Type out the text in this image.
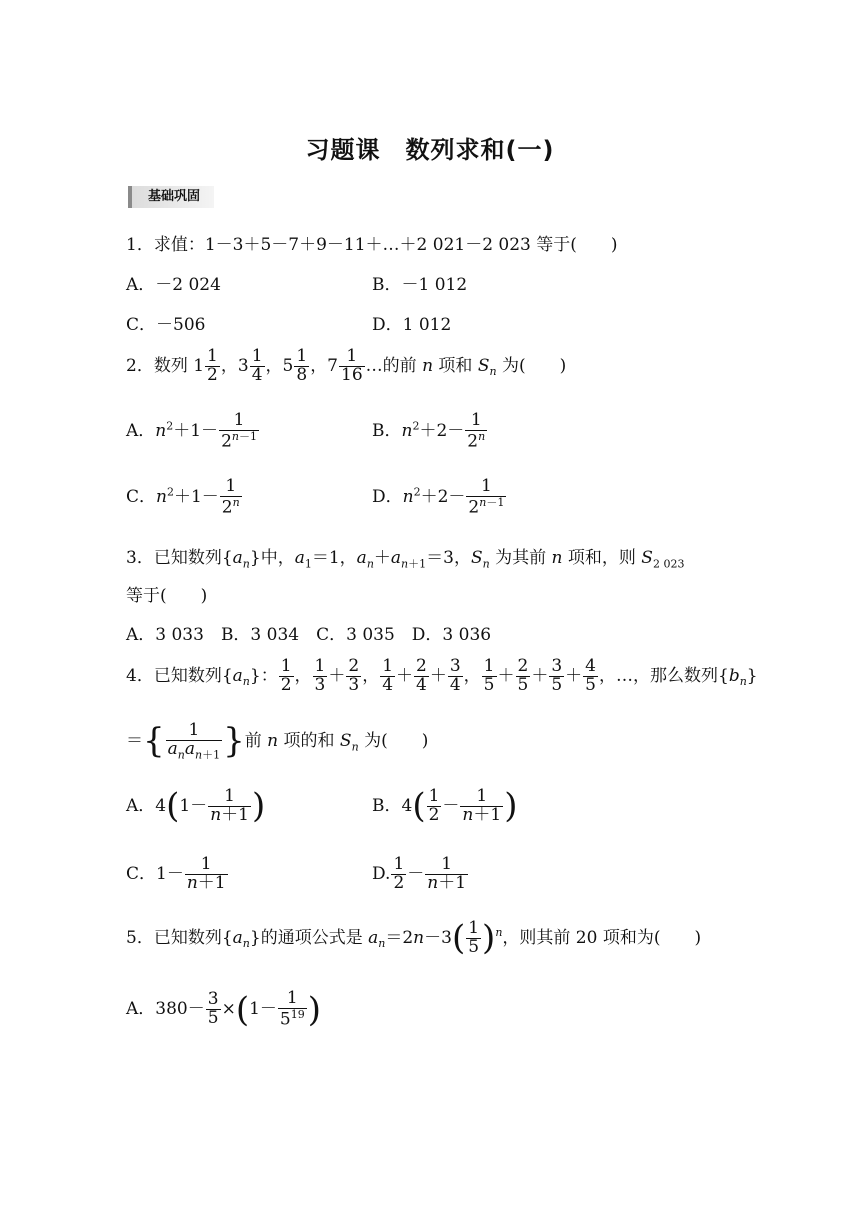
习题课　数列求和(一)
基础巩固
1．求值：1－3＋5－7＋9－11＋…＋2 021－2 023 等于(　　)
A．－2 024	B．－1 012
C．－506	D．1 012
2．数列 $1 \frac{1}{2}$ ，$3 \frac{1}{4}$ ，$5 \frac{1}{8}$ ，$7 \frac{1}{16}$ …的前 n 项和 $S_n$ 为(　　)
A．$n^2+1- \frac{1}{2^{n-1}}$	B．$n^2+2- \frac{1}{2^n}$
C．$n^2+1- \frac{1}{2^n}$	D．$n^2+2- \frac{1}{2^{n-1}}$
3．已知数列$\{a_n\}$中，$a_1=1$，$a_n+a_{n+1}=3$，$S_n$ 为其前 n 项和，则 $S_{2 023}$
等于(　　)
A．3 033　B．3 034　C．3 035　D．3 036
4．已知数列$\{a_n\}$： $\frac{1}{2}$ ， $\frac{1}{3} + \frac{2}{3}$ ， $\frac{1}{4} + \frac{2}{4} + \frac{3}{4}$ ， $\frac{1}{5} + \frac{2}{5} + \frac{3}{5} + \frac{4}{5}$ ，…，那么数列$\{b_n\}$
＝{ $\frac{1}{a_na_{n+1}}$ }前 n 项的和 $S_n$ 为(　　)
A．$4(1- \frac{1}{n+1}$ )	B．$4( \frac{1}{2} - \frac{1}{n+1}$ )
C．$1- \frac{1}{n+1}$	D. $\frac{1}{2} - \frac{1}{n+1}$
5．已知数列$\{a_n\}$的通项公式是 $a_n=2n-3( \frac{1}{5} )^n$，则其前 20 项和为(　　)
A．$380- \frac{3}{5} \times(1- \frac{1}{5^{19}}$ )
